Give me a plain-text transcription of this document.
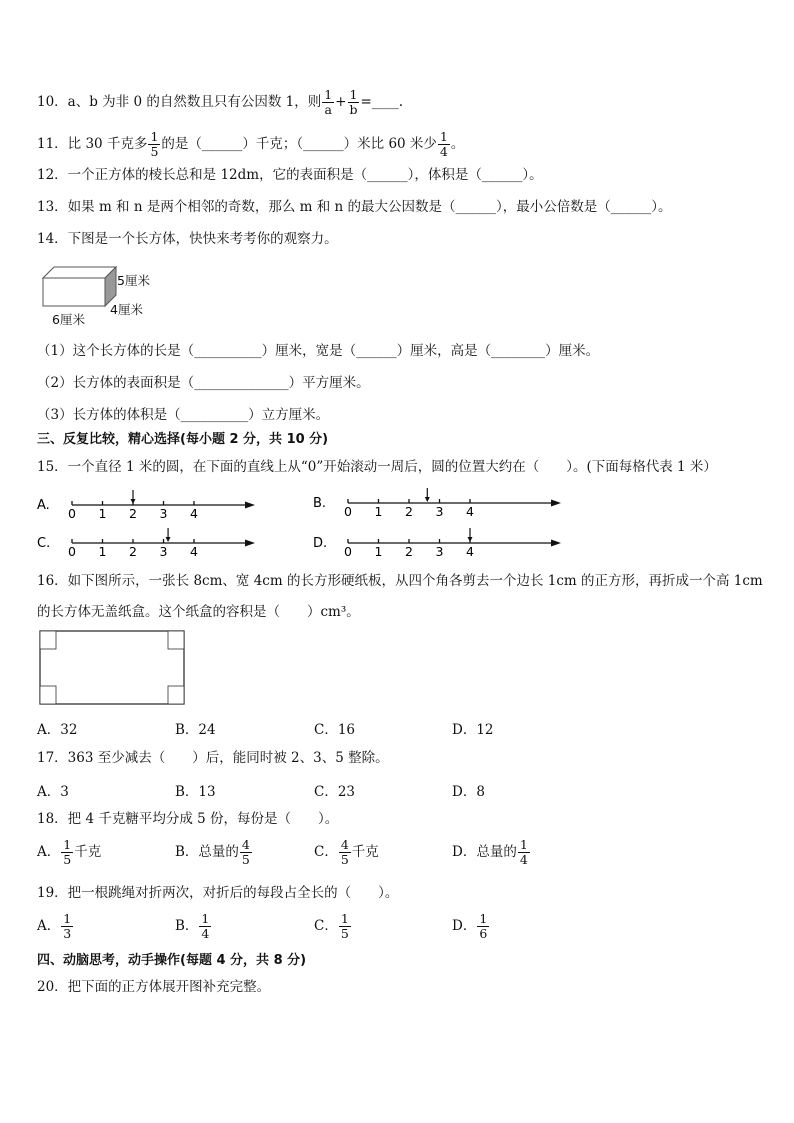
10．a、b 为非 0 的自然数且只有公因数 1，则 $\frac{1}{a} + \frac{1}{b}$ =____.
11．比 30 千克多 $\frac{1}{5}$ 的是（______）千克；（______）米比 60 米少 $\frac{1}{4}$ 。
12．一个正方体的棱长总和是 12dm，它的表面积是（______），体积是（______）。
13．如果 m 和 n 是两个相邻的奇数，那么 m 和 n 的最大公因数是（______），最小公倍数是（______）。
14．下图是一个长方体，快快来考考你的观察力。
5厘米
4厘米
6厘米
（1）这个长方体的长是（__________）厘米，宽是（______）厘米，高是（________）厘米。
（2）长方体的表面积是（______________）平方厘米。
（3）长方体的体积是（__________）立方厘米。
三、反复比较，精心选择(每小题 2 分，共 10 分)
15．一个直径 1 米的圆，在下面的直线上从“0”开始滚动一周后，圆的位置大约在（　　）。(下面每格代表 1 米）
A.
0 1 2 3 4
B.
0 1 2 3 4
C.
0 1 2 3 4
D.
0 1 2 3 4
16．如下图所示，一张长 8cm、宽 4cm 的长方形硬纸板，从四个角各剪去一个边长 1cm 的正方形，再折成一个高 1cm
的长方体无盖纸盒。这个纸盒的容积是（　　）cm³。
A．32	B．24	C．16	D．12
17．363 至少减去（　　）后，能同时被 2、3、5 整除。
A．3	B．13	C．23	D．8
18．把 4 千克糖平均分成 5 份，每份是（　　）。
A． $\frac{1}{5}$ 千克	B．总量的 $\frac{4}{5}$	C． $\frac{4}{5}$ 千克	D．总量的 $\frac{1}{4}$
19．把一根跳绳对折两次，对折后的每段占全长的（　　）。
A． $\frac{1}{3}$	B． $\frac{1}{4}$	C． $\frac{1}{5}$	D． $\frac{1}{6}$
四、动脑思考，动手操作(每题 4 分，共 8 分)
20．把下面的正方体展开图补充完整。
